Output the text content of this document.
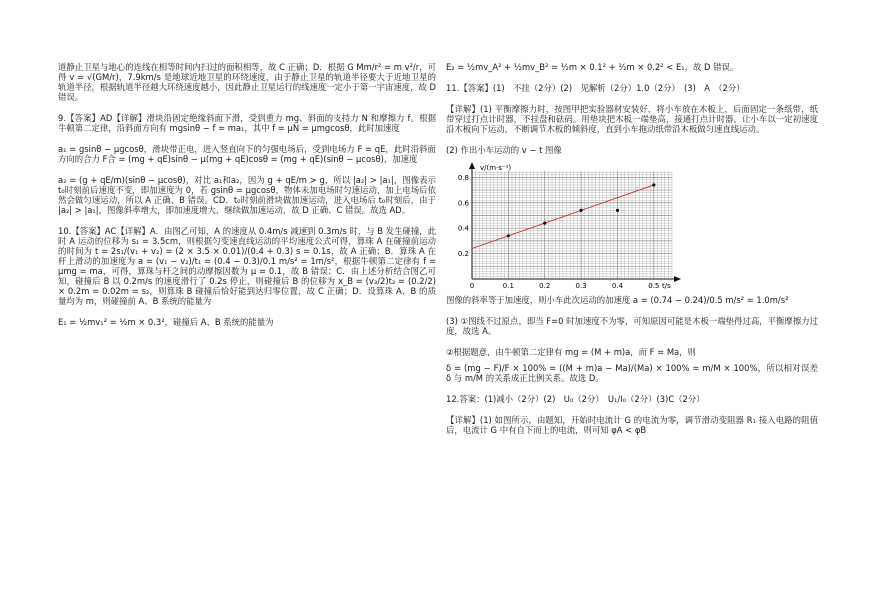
道静止卫星与地心的连线在相等时间内扫过的面积相等，故 C 正确；D．根据 G Mm/r² = m v²/r，可得 v = √(GM/r)，7.9km/s 是地球近地卫星的环绕速度，由于静止卫星的轨道半径要大于近地卫星的轨道半径，根据轨道半径越大环绕速度越小，因此静止卫星运行的线速度一定小于第一宇宙速度，故 D 错误。

9.【答案】AD【详解】滑块沿固定绝缘斜面下滑，受到重力 mg、斜面的支持力 N 和摩擦力 f。根据牛顿第二定律，沿斜面方向有 mgsinθ − f = ma₁，其中 f = μN = μmgcosθ，此时加速度

a₁ = gsinθ − μgcosθ，滑块带正电，进入竖直向下的匀强电场后，受到电场力 F = qE，此时沿斜面方向的合力 F合 = (mg + qE)sinθ − μ(mg + qE)cosθ = (mg + qE)(sinθ − μcosθ)，加速度

a₂ = (g + qE/m)(sinθ − μcosθ)，对比 a₁和a₂，因为 g + qE/m > g，所以 |a₂| > |a₁|，图像表示 t₀时刻前后速度不变，即加速度为 0，若 gsinθ = μgcosθ，物体未加电场时匀速运动，加上电场后依然会做匀速运动，所以 A 正确、B 错误。CD．t₀时刻前滑块做加速运动，进入电场后 t₀时刻后，由于 |a₂| > |a₁|，图像斜率增大，即加速度增大，继续做加速运动，故 D 正确、C 错误。故选 AD。

10.【答案】AC【详解】A．由图乙可知，A 的速度从 0.4m/s 减速到 0.3m/s 时，与 B 发生碰撞，此时 A 运动的位移为 s₁ = 3.5cm，则根据匀变速直线运动的平均速度公式可得，算珠 A 在碰撞前运动的时间为 t = 2s₁/(v₁ + v₂) = (2 × 3.5 × 0.01)/(0.4 + 0.3) s = 0.1s，故 A 正确；B．算珠 A 在杆上滑动的加速度为 a = (v₁ − v₂)/t₁ = (0.4 − 0.3)/0.1 m/s² = 1m/s²，根据牛顿第二定律有 f = μmg = ma，可得，算珠与杆之间的动摩擦因数为 μ = 0.1，故 B 错误；C．由上述分析结合图乙可知，碰撞后 B 以 0.2m/s 的速度滑行了 0.2s 停止，则碰撞后 B 的位移为 x_B = (v₃/2)t₂ = (0.2/2) × 0.2m = 0.02m = s₂，则算珠 B 碰撞后恰好能到达归零位置，故 C 正确；D．设算珠 A、B 的质量均为 m，则碰撞前 A、B 系统的能量为

E₁ = ½mv₁² = ½m × 0.3²，碰撞后 A、B 系统的能量为

E₂ = ½mv_A² + ½mv_B² = ½m × 0.1² + ½m × 0.2² < E₁，故 D 错误。

11.【答案】(1)　不挂（2分）(2)　见解析（2分）1.0（2分）　(3)　A　（2分）

【详解】(1) 平衡摩擦力时，按图甲把实验器材安装好，将小车放在木板上，后面固定一条纸带，纸带穿过打点计时器，不挂盘和砝码。用垫块把木板一端垫高，接通打点计时器，让小车以一定初速度沿木板向下运动，不断调节木板的倾斜度，直到小车拖动纸带沿木板做匀速直线运动。

(2) 作出小车运动的 v − t 图像

v/(m·s⁻¹)
t/s
0.8
0.6
0.4
0.2
0	0.1	0.2	0.3	0.4	0.5

图像的斜率等于加速度，则小车此次运动的加速度 a = (0.74 − 0.24)/0.5 m/s² = 1.0m/s²

(3) ①图线不过原点，即当 F=0 时加速度不为零，可知原因可能是木板一端垫得过高，平衡摩擦力过度，故选 A。

②根据题意，由牛顿第二定律有 mg = (M + m)a，而 F = Ma，则

δ = (mg − F)/F × 100% = ((M + m)a − Ma)/(Ma) × 100% = m/M × 100%，所以相对误差 δ 与 m/M 的关系成正比例关系。故选 D。

12.答案：(1)减小（2分）(2)　U₀（2分）　U₁/I₀（2分）(3)C（2分）

【详解】(1) 如图所示，由题知，开始时电流计 G 的电流为零，调节滑动变阻器 R₁ 接入电路的阻值后，电流计 G 中有自下而上的电流，则可知 φA < φB
